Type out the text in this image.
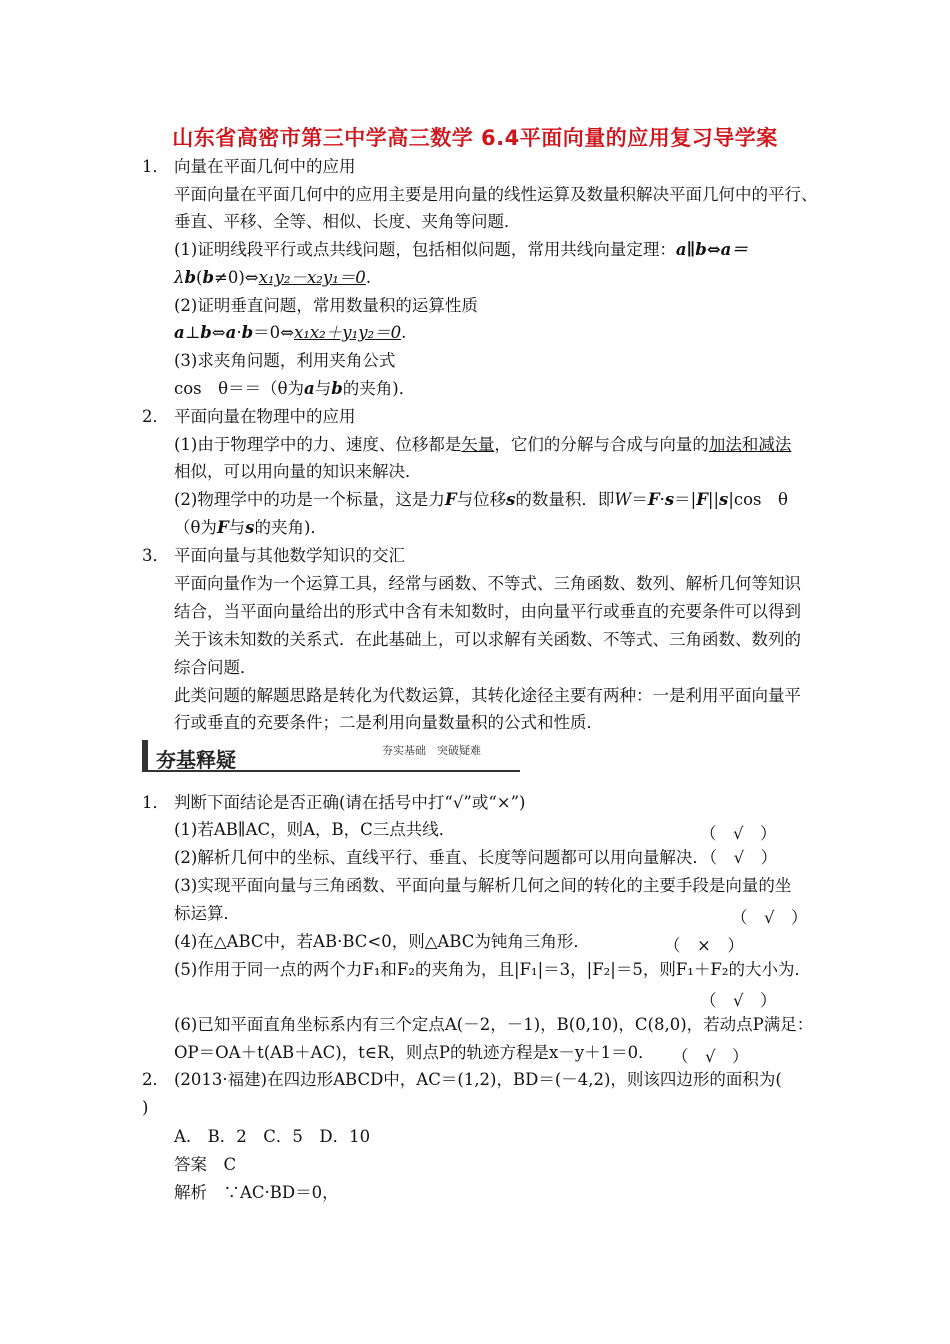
山东省高密市第三中学高三数学 6.4平面向量的应用复习导学案
1． 向量在平面几何中的应用
平面向量在平面几何中的应用主要是用向量的线性运算及数量积解决平面几何中的平行、
垂直、平移、全等、相似、长度、夹角等问题．
(1)证明线段平行或点共线问题，包括相似问题，常用共线向量定理：a∥b⇔a＝
λb(b≠0)⇔x₁y₂－x₂y₁＝0.
(2)证明垂直问题，常用数量积的运算性质
a⊥b⇔a·b＝0⇔x₁x₂＋y₁y₂＝0.
(3)求夹角问题，利用夹角公式
cos　θ＝＝（θ为a与b的夹角)．
2． 平面向量在物理中的应用
(1)由于物理学中的力、速度、位移都是矢量，它们的分解与合成与向量的加法和减法
相似，可以用向量的知识来解决．
(2)物理学中的功是一个标量，这是力F与位移s的数量积．即W＝F·s＝|F||s|cos　θ
（θ为F与s的夹角)．
3． 平面向量与其他数学知识的交汇
平面向量作为一个运算工具，经常与函数、不等式、三角函数、数列、解析几何等知识
结合，当平面向量给出的形式中含有未知数时，由向量平行或垂直的充要条件可以得到
关于该未知数的关系式．在此基础上，可以求解有关函数、不等式、三角函数、数列的
综合问题．
此类问题的解题思路是转化为代数运算，其转化途径主要有两种：一是利用平面向量平
行或垂直的充要条件；二是利用向量数量积的公式和性质．
夯基释疑	夯实基础　突破疑难
1． 判断下面结论是否正确(请在括号中打“√”或“×”)
(1)若AB∥AC，则A，B，C三点共线．	（　√　）
(2)解析几何中的坐标、直线平行、垂直、长度等问题都可以用向量解决．（　√　）
(3)实现平面向量与三角函数、平面向量与解析几何之间的转化的主要手段是向量的坐
标运算．	（　√　）
(4)在△ABC中，若AB·BC<0，则△ABC为钝角三角形．	（　×　）
(5)作用于同一点的两个力F₁和F₂的夹角为，且|F₁|＝3，|F₂|＝5，则F₁＋F₂的大小为．
（　√　）
(6)已知平面直角坐标系内有三个定点A(－2，－1)，B(0,10)，C(8,0)，若动点P满足：
OP＝OA＋t(AB＋AC)，t∈R，则点P的轨迹方程是x－y＋1＝0． （　√　）
2． (2013·福建)在四边形ABCD中，AC＝(1,2)，BD＝(－4,2)，则该四边形的面积为(
)
A.　B．2　C．5　D．10
答案　C
解析　∵AC·BD＝0，
